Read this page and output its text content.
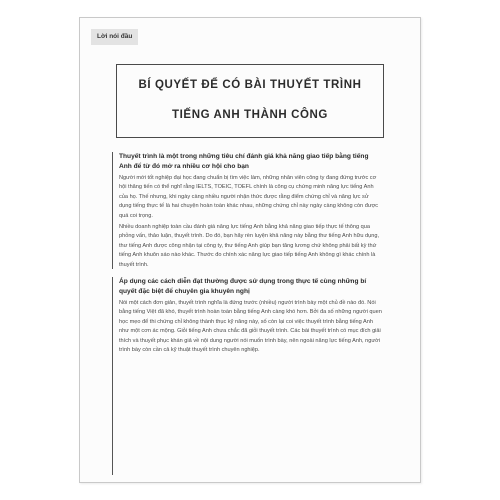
Lời nói đầu
BÍ QUYẾT ĐỂ CÓ BÀI THUYẾT TRÌNH
TIẾNG ANH THÀNH CÔNG
Thuyết trình là một trong những tiêu chí đánh giá khả năng giao tiếp bằng tiếng Anh để từ đó mở ra nhiều cơ hội cho bạn
Người mới tốt nghiệp đại học đang chuẩn bị tìm việc làm, những nhân viên công ty đang đứng trước cơ hội thăng tiến có thể nghĩ rằng IELTS, TOEIC, TOEFL chính là công cụ chứng minh năng lực tiếng Anh của họ. Thế nhưng, khi ngày càng nhiều người nhận thức được rằng điểm chứng chỉ và năng lực sử dụng tiếng thực tế là hai chuyện hoàn toàn khác nhau, những chứng chỉ này ngày càng không còn được quá coi trọng.
Nhiều doanh nghiệp toàn cầu đánh giá năng lực tiếng Anh bằng khả năng giao tiếp thực tế thông qua phỏng vấn, thảo luận, thuyết trình. Do đó, bạn hãy rèn luyện khả năng này bằng thư tiếng Anh hữu dụng, thư tiếng Anh được công nhận tại công ty, thư tiếng Anh giúp bạn tăng lương chứ không phải bất kỳ thứ tiếng Anh khuôn sáo nào khác. Thước đo chính xác năng lực giao tiếp tiếng Anh không gì khác chính là thuyết trình.
Áp dụng các cách diễn đạt thường được sử dụng trong thực tế cùng những bí quyết đặc biệt để chuyên gia khuyên nghị
Nói một cách đơn giản, thuyết trình nghĩa là đứng trước (nhiều) người trình bày một chủ đề nào đó. Nói bằng tiếng Việt đã khó, thuyết trình hoàn toàn bằng tiếng Anh càng khó hơn. Bởi đa số những người quen học mẹo để thi chứng chỉ không thành thục kỹ năng này, số còn lại coi việc thuyết trình bằng tiếng Anh như một cơn ác mộng. Giỏi tiếng Anh chưa chắc đã giỏi thuyết trình. Các bài thuyết trình có mục đích giải thích và thuyết phục khán giả về nội dung người nói muốn trình bày, nên ngoài năng lực tiếng Anh, người trình bày còn cần cả kỹ thuật thuyết trình chuyên nghiệp.
